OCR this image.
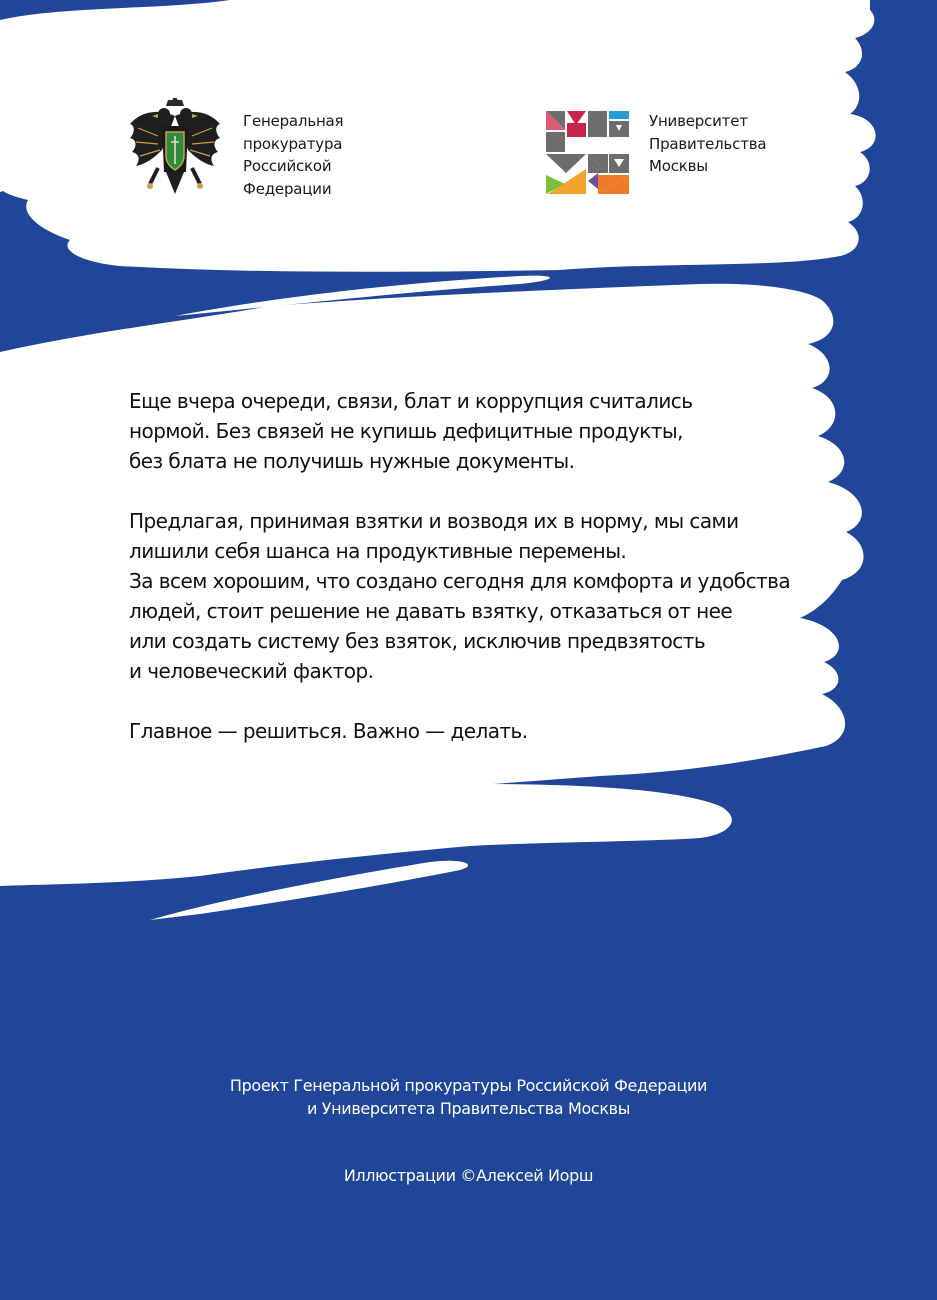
Генеральная
прокуратура
Российской
Федерации
Университет
Правительства
Москвы
Еще вчера очереди, связи, блат и коррупция считались
нормой. Без связей не купишь дефицитные продукты,
без блата не получишь нужные документы.
Предлагая, принимая взятки и возводя их в норму, мы сами
лишили себя шанса на продуктивные перемены.
За всем хорошим, что создано сегодня для комфорта и удобства
людей, стоит решение не давать взятку, отказаться от нее
или создать систему без взяток, исключив предвзятость
и человеческий фактор.
Главное — решиться. Важно — делать.
Проект Генеральной прокуратуры Российской Федерации
и Университета Правительства Москвы
Иллюстрации ©Алексей Иорш
